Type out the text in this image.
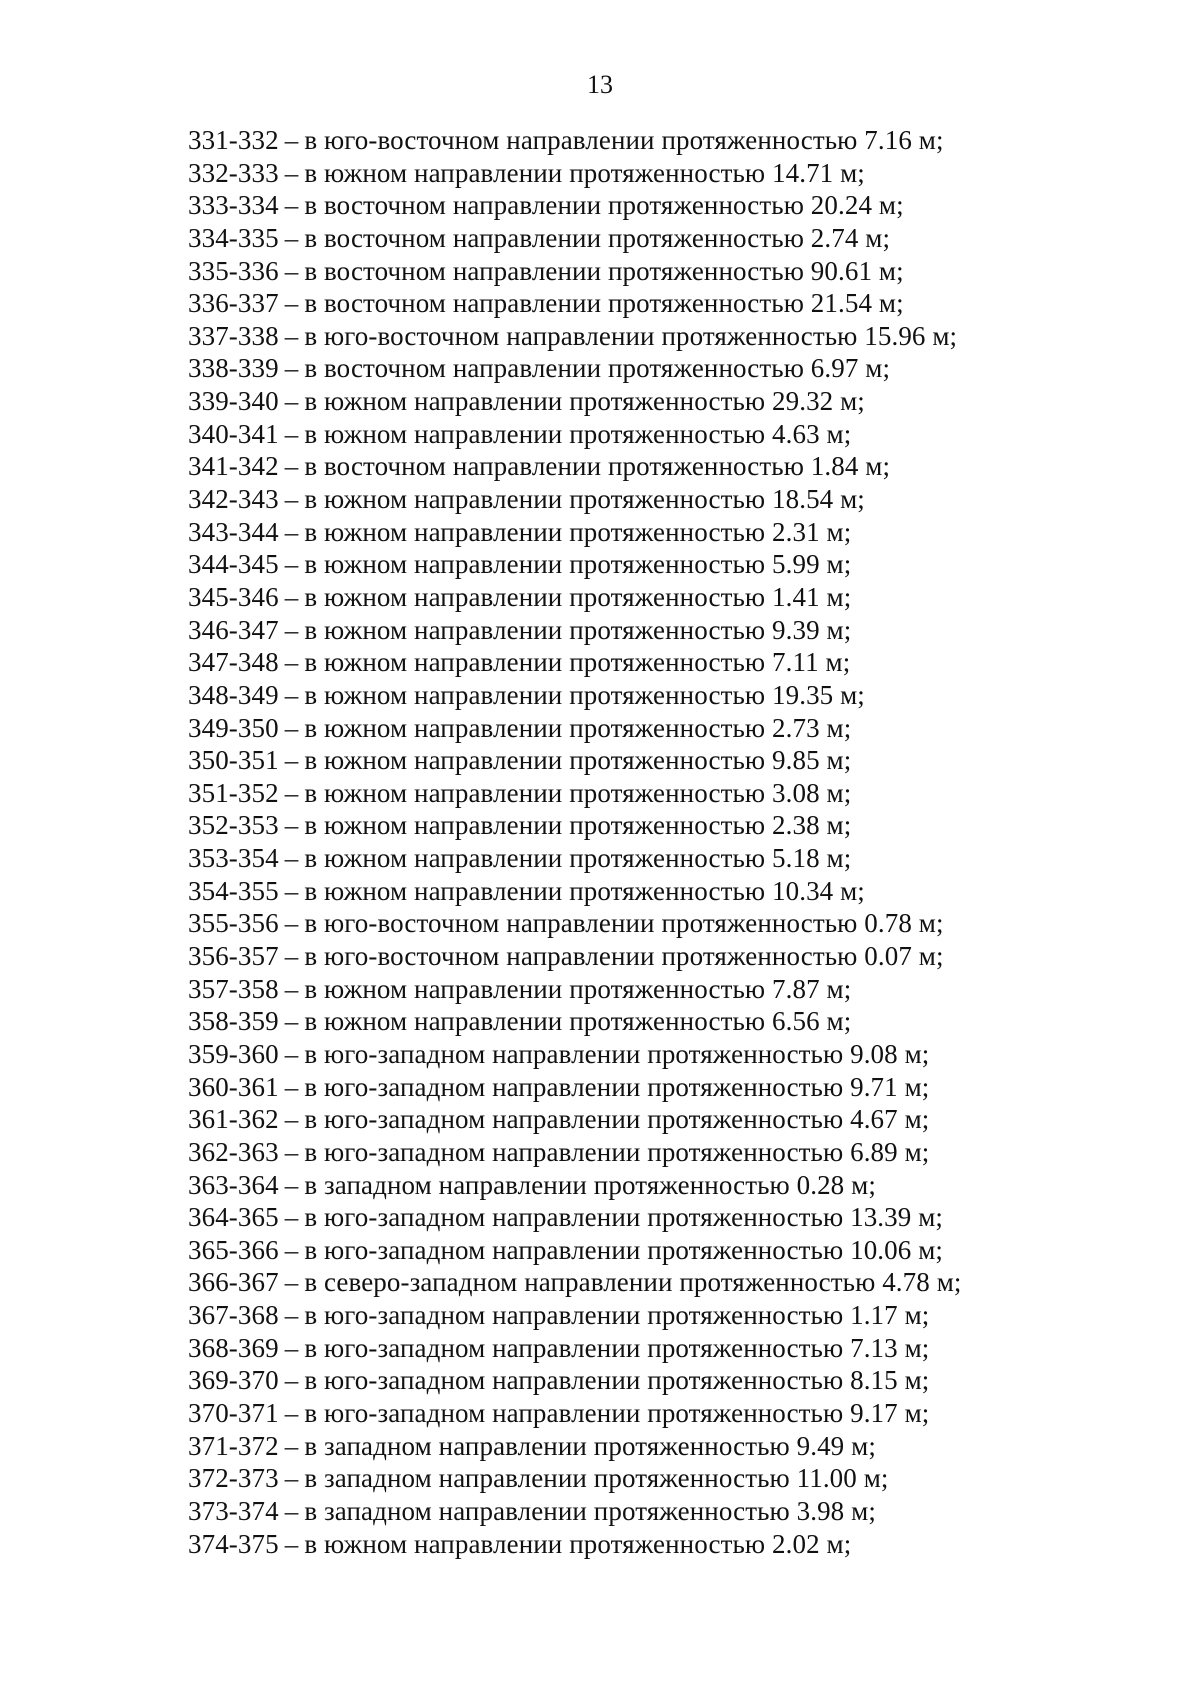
13
331-332 – в юго-восточном направлении протяженностью 7.16 м;
332-333 – в южном направлении протяженностью 14.71 м;
333-334 – в восточном направлении протяженностью 20.24 м;
334-335 – в восточном направлении протяженностью 2.74 м;
335-336 – в восточном направлении протяженностью 90.61 м;
336-337 – в восточном направлении протяженностью 21.54 м;
337-338 – в юго-восточном направлении протяженностью 15.96 м;
338-339 – в восточном направлении протяженностью 6.97 м;
339-340 – в южном направлении протяженностью 29.32 м;
340-341 – в южном направлении протяженностью 4.63 м;
341-342 – в восточном направлении протяженностью 1.84 м;
342-343 – в южном направлении протяженностью 18.54 м;
343-344 – в южном направлении протяженностью 2.31 м;
344-345 – в южном направлении протяженностью 5.99 м;
345-346 – в южном направлении протяженностью 1.41 м;
346-347 – в южном направлении протяженностью 9.39 м;
347-348 – в южном направлении протяженностью 7.11 м;
348-349 – в южном направлении протяженностью 19.35 м;
349-350 – в южном направлении протяженностью 2.73 м;
350-351 – в южном направлении протяженностью 9.85 м;
351-352 – в южном направлении протяженностью 3.08 м;
352-353 – в южном направлении протяженностью 2.38 м;
353-354 – в южном направлении протяженностью 5.18 м;
354-355 – в южном направлении протяженностью 10.34 м;
355-356 – в юго-восточном направлении протяженностью 0.78 м;
356-357 – в юго-восточном направлении протяженностью 0.07 м;
357-358 – в южном направлении протяженностью 7.87 м;
358-359 – в южном направлении протяженностью 6.56 м;
359-360 – в юго-западном направлении протяженностью 9.08 м;
360-361 – в юго-западном направлении протяженностью 9.71 м;
361-362 – в юго-западном направлении протяженностью 4.67 м;
362-363 – в юго-западном направлении протяженностью 6.89 м;
363-364 – в западном направлении протяженностью 0.28 м;
364-365 – в юго-западном направлении протяженностью 13.39 м;
365-366 – в юго-западном направлении протяженностью 10.06 м;
366-367 – в северо-западном направлении протяженностью 4.78 м;
367-368 – в юго-западном направлении протяженностью 1.17 м;
368-369 – в юго-западном направлении протяженностью 7.13 м;
369-370 – в юго-западном направлении протяженностью 8.15 м;
370-371 – в юго-западном направлении протяженностью 9.17 м;
371-372 – в западном направлении протяженностью 9.49 м;
372-373 – в западном направлении протяженностью 11.00 м;
373-374 – в западном направлении протяженностью 3.98 м;
374-375 – в южном направлении протяженностью 2.02 м;
